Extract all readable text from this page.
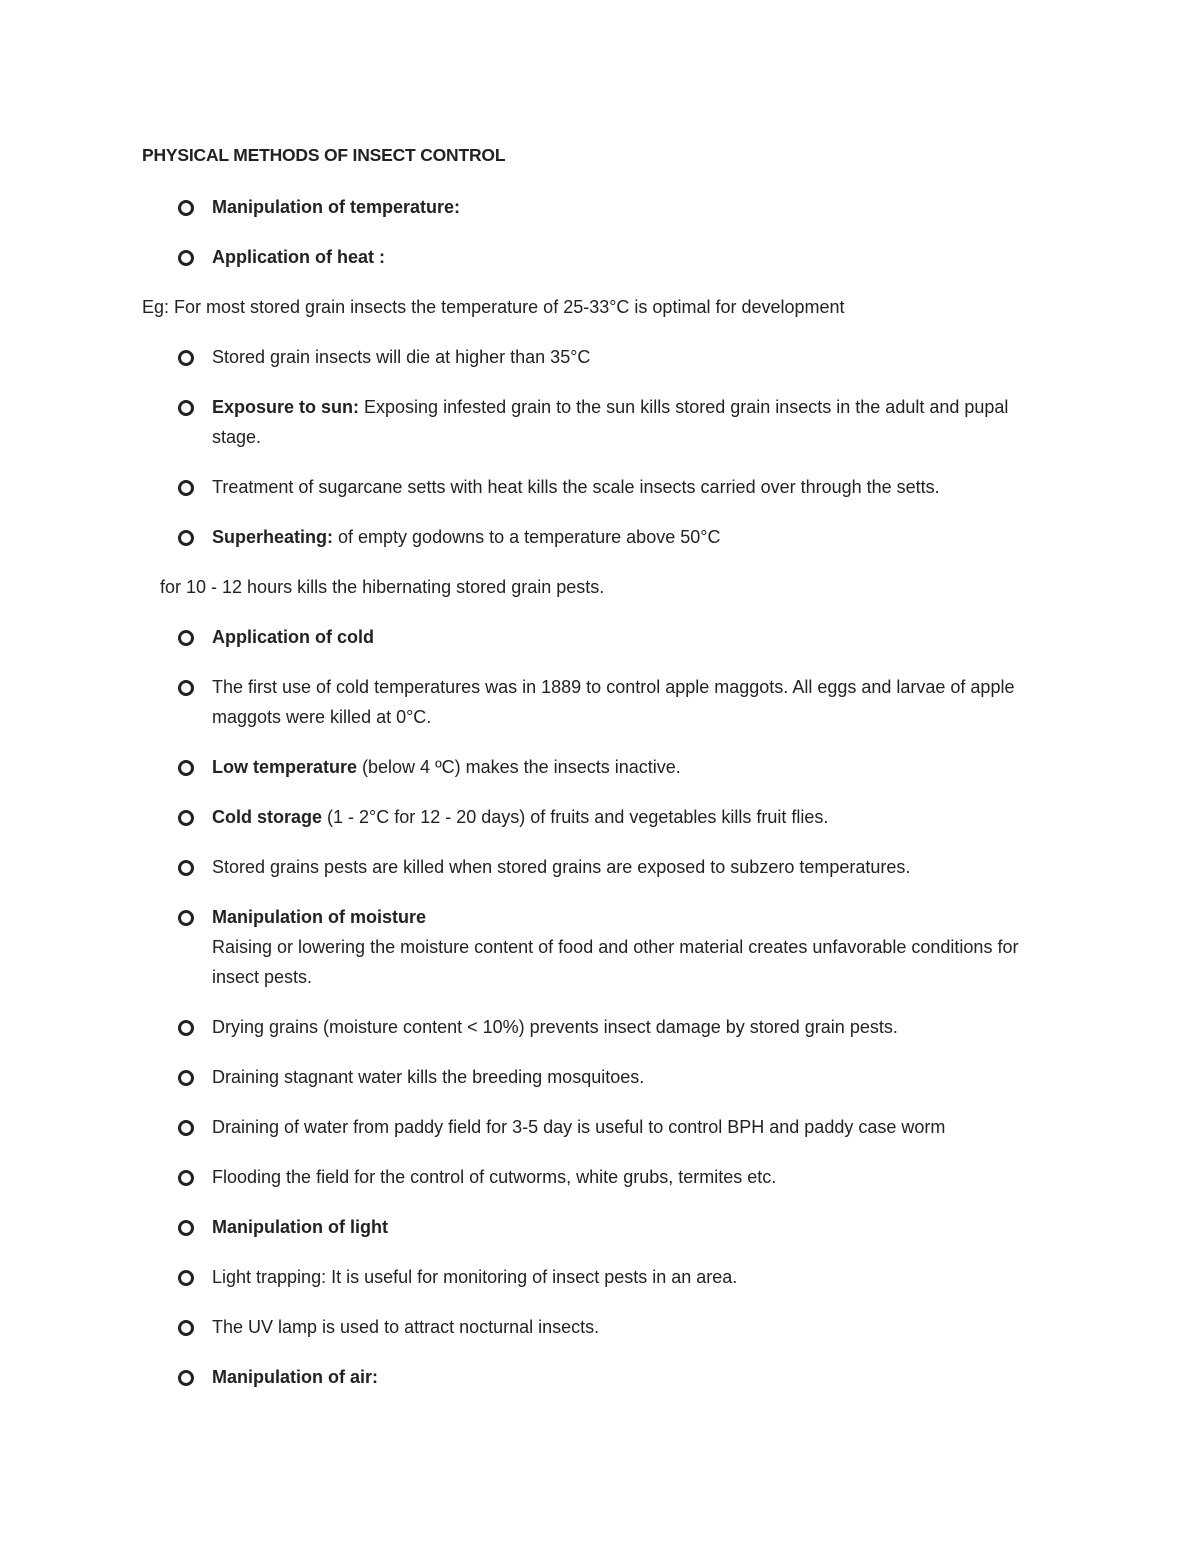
PHYSICAL METHODS OF INSECT CONTROL
Manipulation of temperature:
Application of heat :
Eg: For most stored grain insects the temperature of 25-33°C is optimal for development
Stored grain insects will die at higher than 35°C
Exposure to sun: Exposing infested grain to the sun kills stored grain insects in the adult and pupal stage.
Treatment of sugarcane setts with heat kills the scale insects carried over through the setts.
Superheating: of empty godowns to a temperature above 50°C
for 10 - 12 hours kills the hibernating stored grain pests.
Application of cold
The first use of cold temperatures was in 1889 to control apple maggots. All eggs and larvae of apple maggots were killed at 0°C.
Low temperature (below 4 ºC) makes the insects inactive.
Cold storage (1 - 2°C for 12 - 20 days) of fruits and vegetables kills fruit flies.
Stored grains pests are killed when stored grains are exposed to subzero temperatures.
Manipulation of moisture
Raising or lowering the moisture content of food and other material creates unfavorable conditions for insect pests.
Drying grains (moisture content < 10%) prevents insect damage by stored grain pests.
Draining stagnant water kills the breeding mosquitoes.
Draining of water from paddy field for 3-5 day is useful to control BPH and paddy case worm
Flooding the field for the control of cutworms, white grubs, termites etc.
Manipulation of light
Light trapping: It is useful for monitoring of insect pests in an area.
The UV lamp is used to attract nocturnal insects.
Manipulation of air:
